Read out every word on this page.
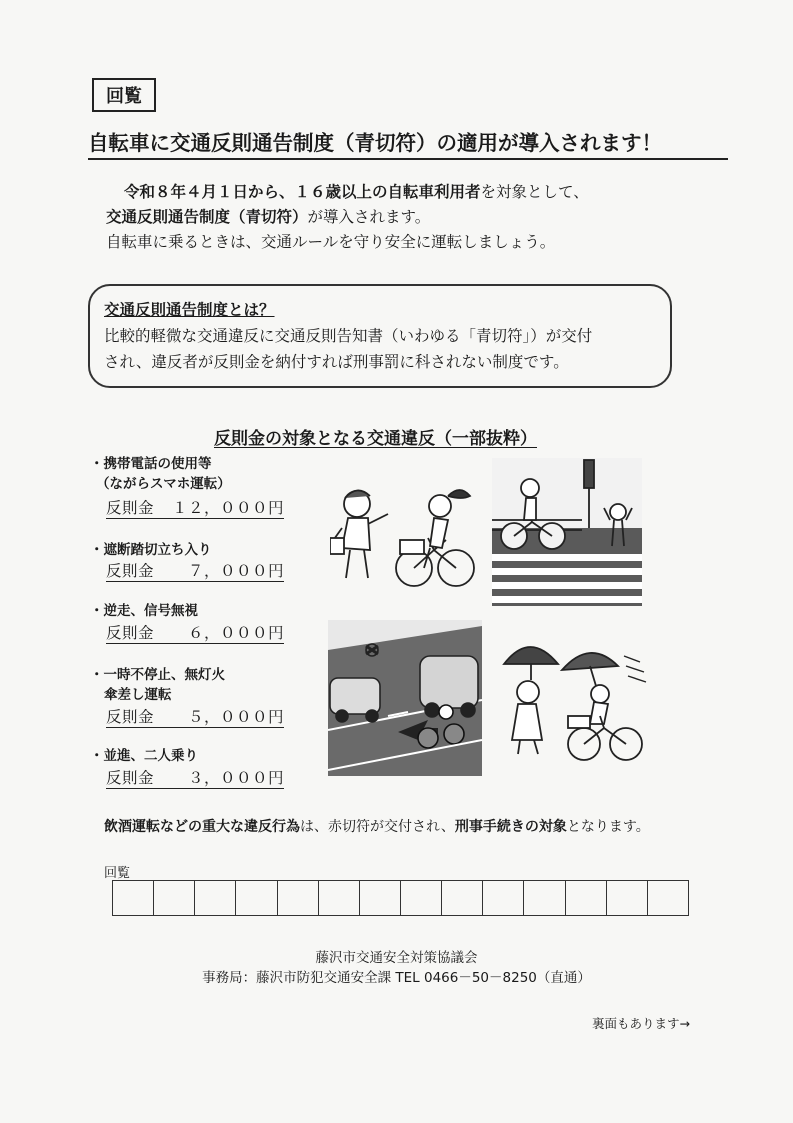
回覧
自転車に交通反則通告制度（青切符）の適用が導入されます！
令和８年４月１日から、１６歳以上の自転車利用者を対象として、
交通反則通告制度（青切符）が導入されます。
自転車に乗るときは、交通ルールを守り安全に運転しましょう。
交通反則通告制度とは？
比較的軽微な交通違反に交通反則告知書（いわゆる「青切符」）が交付
され、違反者が反則金を納付すれば刑事罰に科されない制度です。
反則金の対象となる交通違反（一部抜粋）
・携帯電話の使用等
（ながらスマホ運転）
反則金 １２，０００円
・遮断踏切立ち入り
反則金 ７，０００円
・逆走、信号無視
反則金 ６，０００円
・一時不停止、無灯火
傘差し運転
反則金 ５，０００円
・並進、二人乗り
反則金 ３，０００円
飲酒運転などの重大な違反行為は、赤切符が交付され、刑事手続きの対象となります。
回覧
藤沢市交通安全対策協議会
事務局：藤沢市防犯交通安全課 TEL 0466－50－8250（直通）
裏面もあります→
